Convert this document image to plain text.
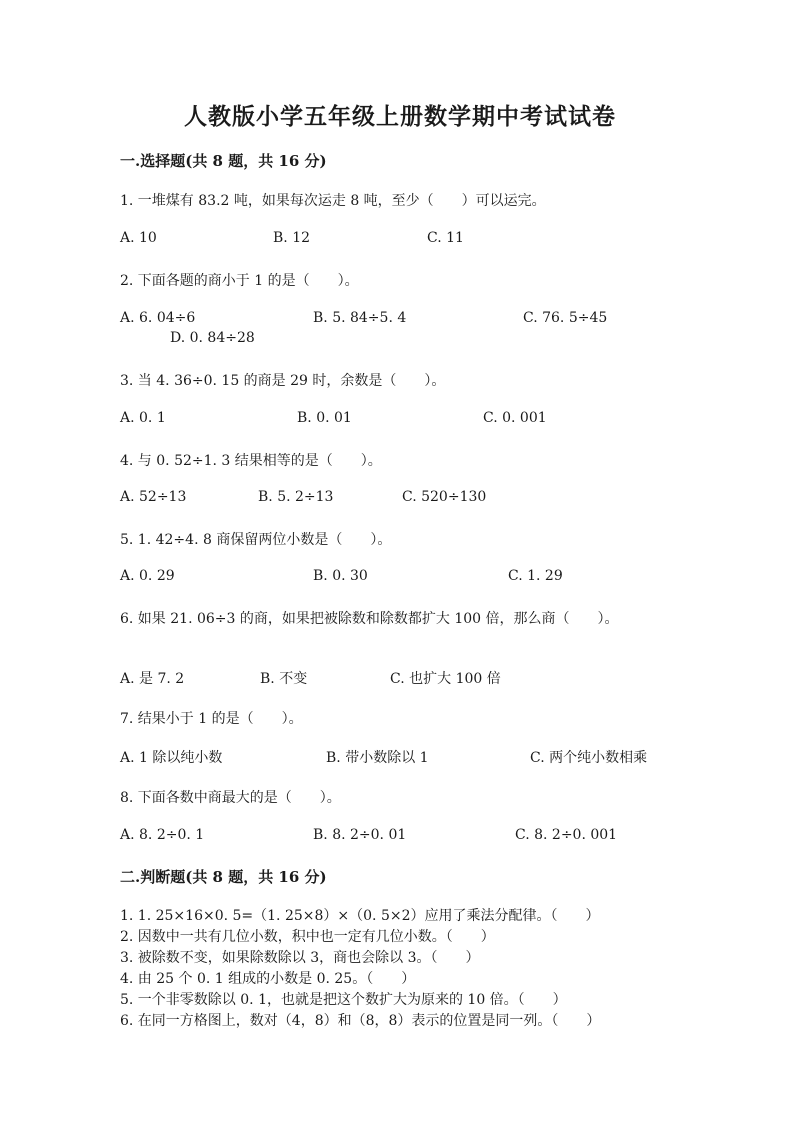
人教版小学五年级上册数学期中考试试卷
一.选择题(共 8 题，共 16 分)
1. 一堆煤有 83.2 吨，如果每次运走 8 吨，至少（　　）可以运完。
A. 10	B. 12	C. 11
2. 下面各题的商小于 1 的是（　　）。
A. 6. 04÷6	B. 5. 84÷5. 4	C. 76. 5÷45
D. 0. 84÷28
3. 当 4. 36÷0. 15 的商是 29 时，余数是（　　）。
A. 0. 1	B. 0. 01	C. 0. 001
4. 与 0. 52÷1. 3 结果相等的是（　　）。
A. 52÷13	B. 5. 2÷13	C. 520÷130
5. 1. 42÷4. 8 商保留两位小数是（　　）。
A. 0. 29	B. 0. 30	C. 1. 29
6. 如果 21. 06÷3 的商，如果把被除数和除数都扩大 100 倍，那么商（　　）。
A. 是 7. 2	B. 不变	C. 也扩大 100 倍
7. 结果小于 1 的是（　　）。
A. 1 除以纯小数	B. 带小数除以 1	C. 两个纯小数相乘
8. 下面各数中商最大的是（　　）。
A. 8. 2÷0. 1	B. 8. 2÷0. 01	C. 8. 2÷0. 001
二.判断题(共 8 题，共 16 分)
1. 1. 25×16×0. 5=（1. 25×8）×（0. 5×2）应用了乘法分配律。（　　）
2. 因数中一共有几位小数，积中也一定有几位小数。（　　）
3. 被除数不变，如果除数除以 3，商也会除以 3。（　　）
4. 由 25 个 0. 1 组成的小数是 0. 25。（　　）
5. 一个非零数除以 0. 1，也就是把这个数扩大为原来的 10 倍。（　　）
6. 在同一方格图上，数对（4，8）和（8，8）表示的位置是同一列。（　　）
